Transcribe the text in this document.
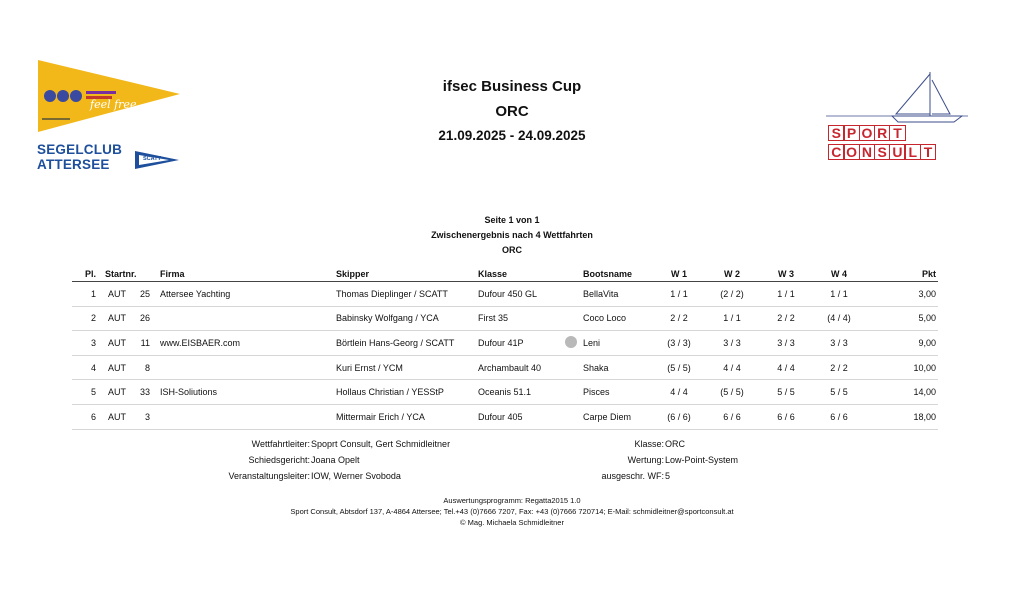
feel free
SEGELCLUB
ATTERSEE	SCATT
ifsec Business Cup
ORC
21.09.2025 - 24.09.2025	S P O R T
C O N S U L T
Seite 1 von 1
Zwischenergebnis nach 4 Wettfahrten
ORC
Pl. Startnr.	Firma	Skipper	Klasse	Bootsname	W 1	W 2	W 3	W 4	Pkt
1 AUT	25 Attersee Yachting	Thomas Dieplinger / SCATT	Dufour 450 GL	BellaVita	1 / 1	(2 / 2)	1 / 1	1 / 1	3,00
2 AUT	26	Babinsky Wolfgang / YCA	First 35	Coco Loco	2 / 2	1 / 1	2 / 2	(4 / 4)	5,00
3 AUT	11 www.EISBAER.com	Börtlein Hans-Georg / SCATT	Dufour 41P	Leni	(3 / 3)	3 / 3	3 / 3	3 / 3	9,00
4 AUT	8	Kuri Ernst / YCM	Archambault 40	Shaka	(5 / 5)	4 / 4	4 / 4	2 / 2	10,00
5 AUT	33 ISH-Soliutions	Hollaus Christian / YESStP	Oceanis 51.1	Pisces	4 / 4	(5 / 5)	5 / 5	5 / 5	14,00
6 AUT	3	Mittermair Erich / YCA	Dufour 405	Carpe Diem	(6 / 6)	6 / 6	6 / 6	6 / 6	18,00
Wettfahrtleiter: Spoprt Consult, Gert Schmidleitner
Schiedsgericht: Joana Opelt
Veranstaltungsleiter: IOW, Werner Svoboda
Klasse: ORC
Wertung: Low-Point-System
ausgeschr. WF: 5
Auswertungsprogramm: Regatta2015 1.0
Sport Consult, Abtsdorf 137, A-4864 Attersee; Tel.+43 (0)7666 7207, Fax: +43 (0)7666 720714; E-Mail: schmidleitner@sportconsult.at
© Mag. Michaela Schmidleitner
